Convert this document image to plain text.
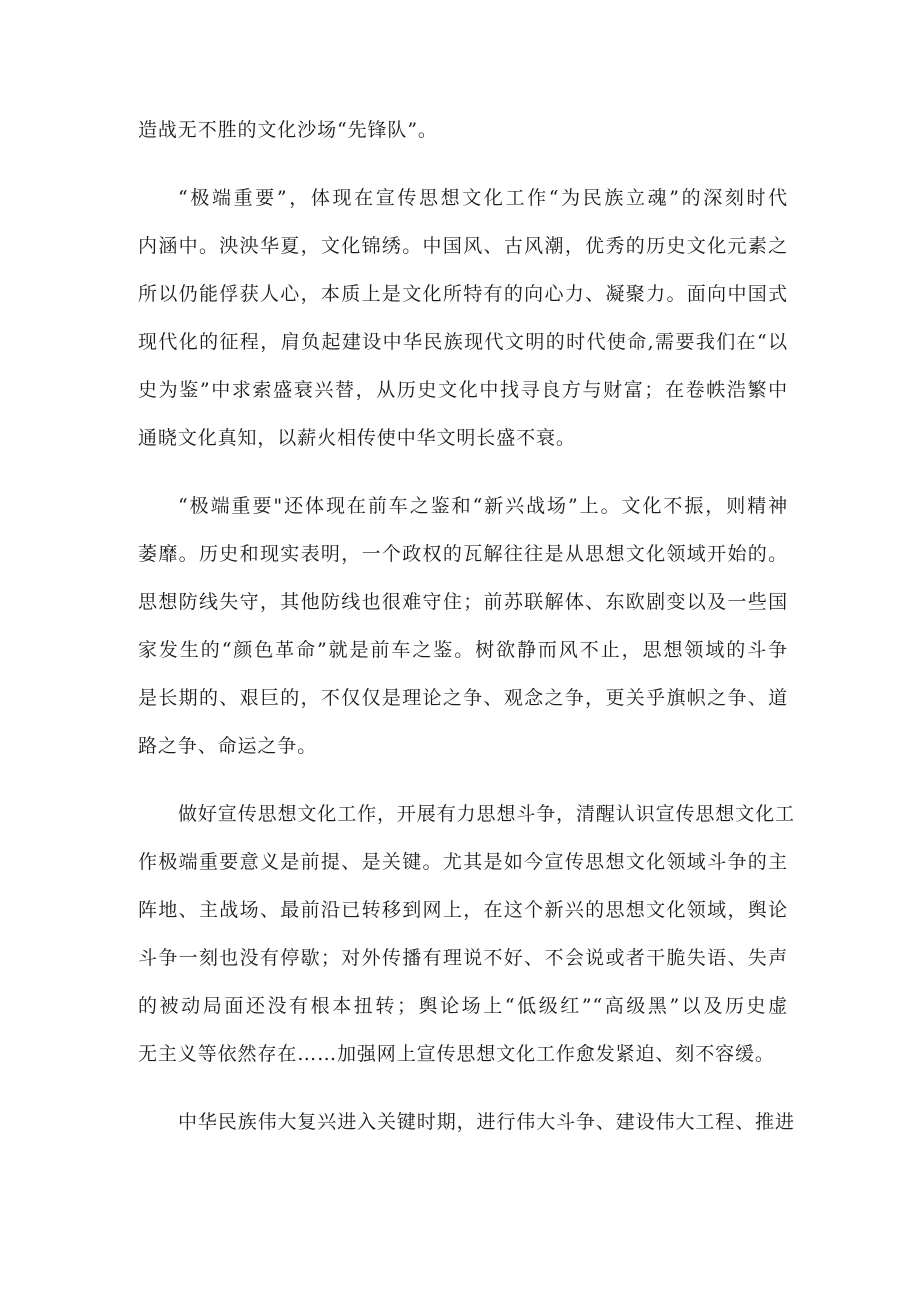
造战无不胜的文化沙场“先锋队”。
“极端重要”，体现在宣传思想文化工作“为民族立魂”的深刻时代
内涵中。泱泱华夏，文化锦绣。中国风、古风潮，优秀的历史文化元素之
所以仍能俘获人心，本质上是文化所特有的向心力、凝聚力。面向中国式
现代化的征程，肩负起建设中华民族现代文明的时代使命,需要我们在“以
史为鉴”中求索盛衰兴替，从历史文化中找寻良方与财富；在卷帙浩繁中
通晓文化真知，以薪火相传使中华文明长盛不衰。
“极端重要"还体现在前车之鉴和“新兴战场”上。文化不振，则精神
萎靡。历史和现实表明，一个政权的瓦解往往是从思想文化领域开始的。
思想防线失守，其他防线也很难守住；前苏联解体、东欧剧变以及一些国
家发生的“颜色革命”就是前车之鉴。树欲静而风不止，思想领域的斗争
是长期的、艰巨的，不仅仅是理论之争、观念之争，更关乎旗帜之争、道
路之争、命运之争。
做好宣传思想文化工作，开展有力思想斗争，清醒认识宣传思想文化工
作极端重要意义是前提、是关键。尤其是如今宣传思想文化领域斗争的主
阵地、主战场、最前沿已转移到网上，在这个新兴的思想文化领域，舆论
斗争一刻也没有停歇；对外传播有理说不好、不会说或者干脆失语、失声
的被动局面还没有根本扭转；舆论场上“低级红”“高级黑”以及历史虚
无主义等依然存在……加强网上宣传思想文化工作愈发紧迫、刻不容缓。
中华民族伟大复兴进入关键时期，进行伟大斗争、建设伟大工程、推进
